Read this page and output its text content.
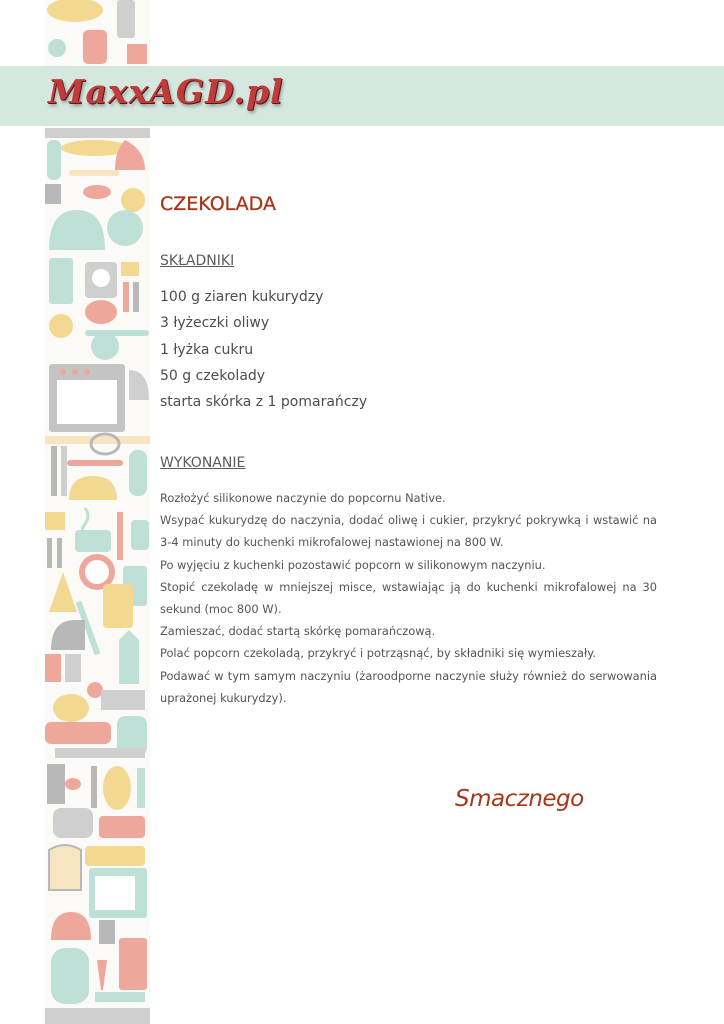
MaxxAGD.pl
CZEKOLADA
SKŁADNIKI
100 g ziaren kukurydzy
3 łyżeczki oliwy
1 łyżka cukru
50 g czekolady
starta skórka z 1 pomarańczy
WYKONANIE

Rozłożyć silikonowe naczynie do popcornu Native.

Wsypać kukurydzę do naczynia, dodać oliwę i cukier, przykryć pokrywką i wstawić na 3-4 minuty do kuchenki mikrofalowej nastawionej na 800 W.

Po wyjęciu z kuchenki pozostawić popcorn w silikonowym naczyniu.

Stopić czekoladę w mniejszej misce, wstawiając ją do kuchenki mikrofalowej na 30 sekund (moc 800 W).

Zamieszać, dodać startą skórkę pomarańczową.

Polać popcorn czekoladą, przykryć i potrząsnąć, by składniki się wymieszały.

Podawać w tym samym naczyniu (żaroodporne naczynie służy również do serwowania uprażonej kukurydzy).

Smacznego
